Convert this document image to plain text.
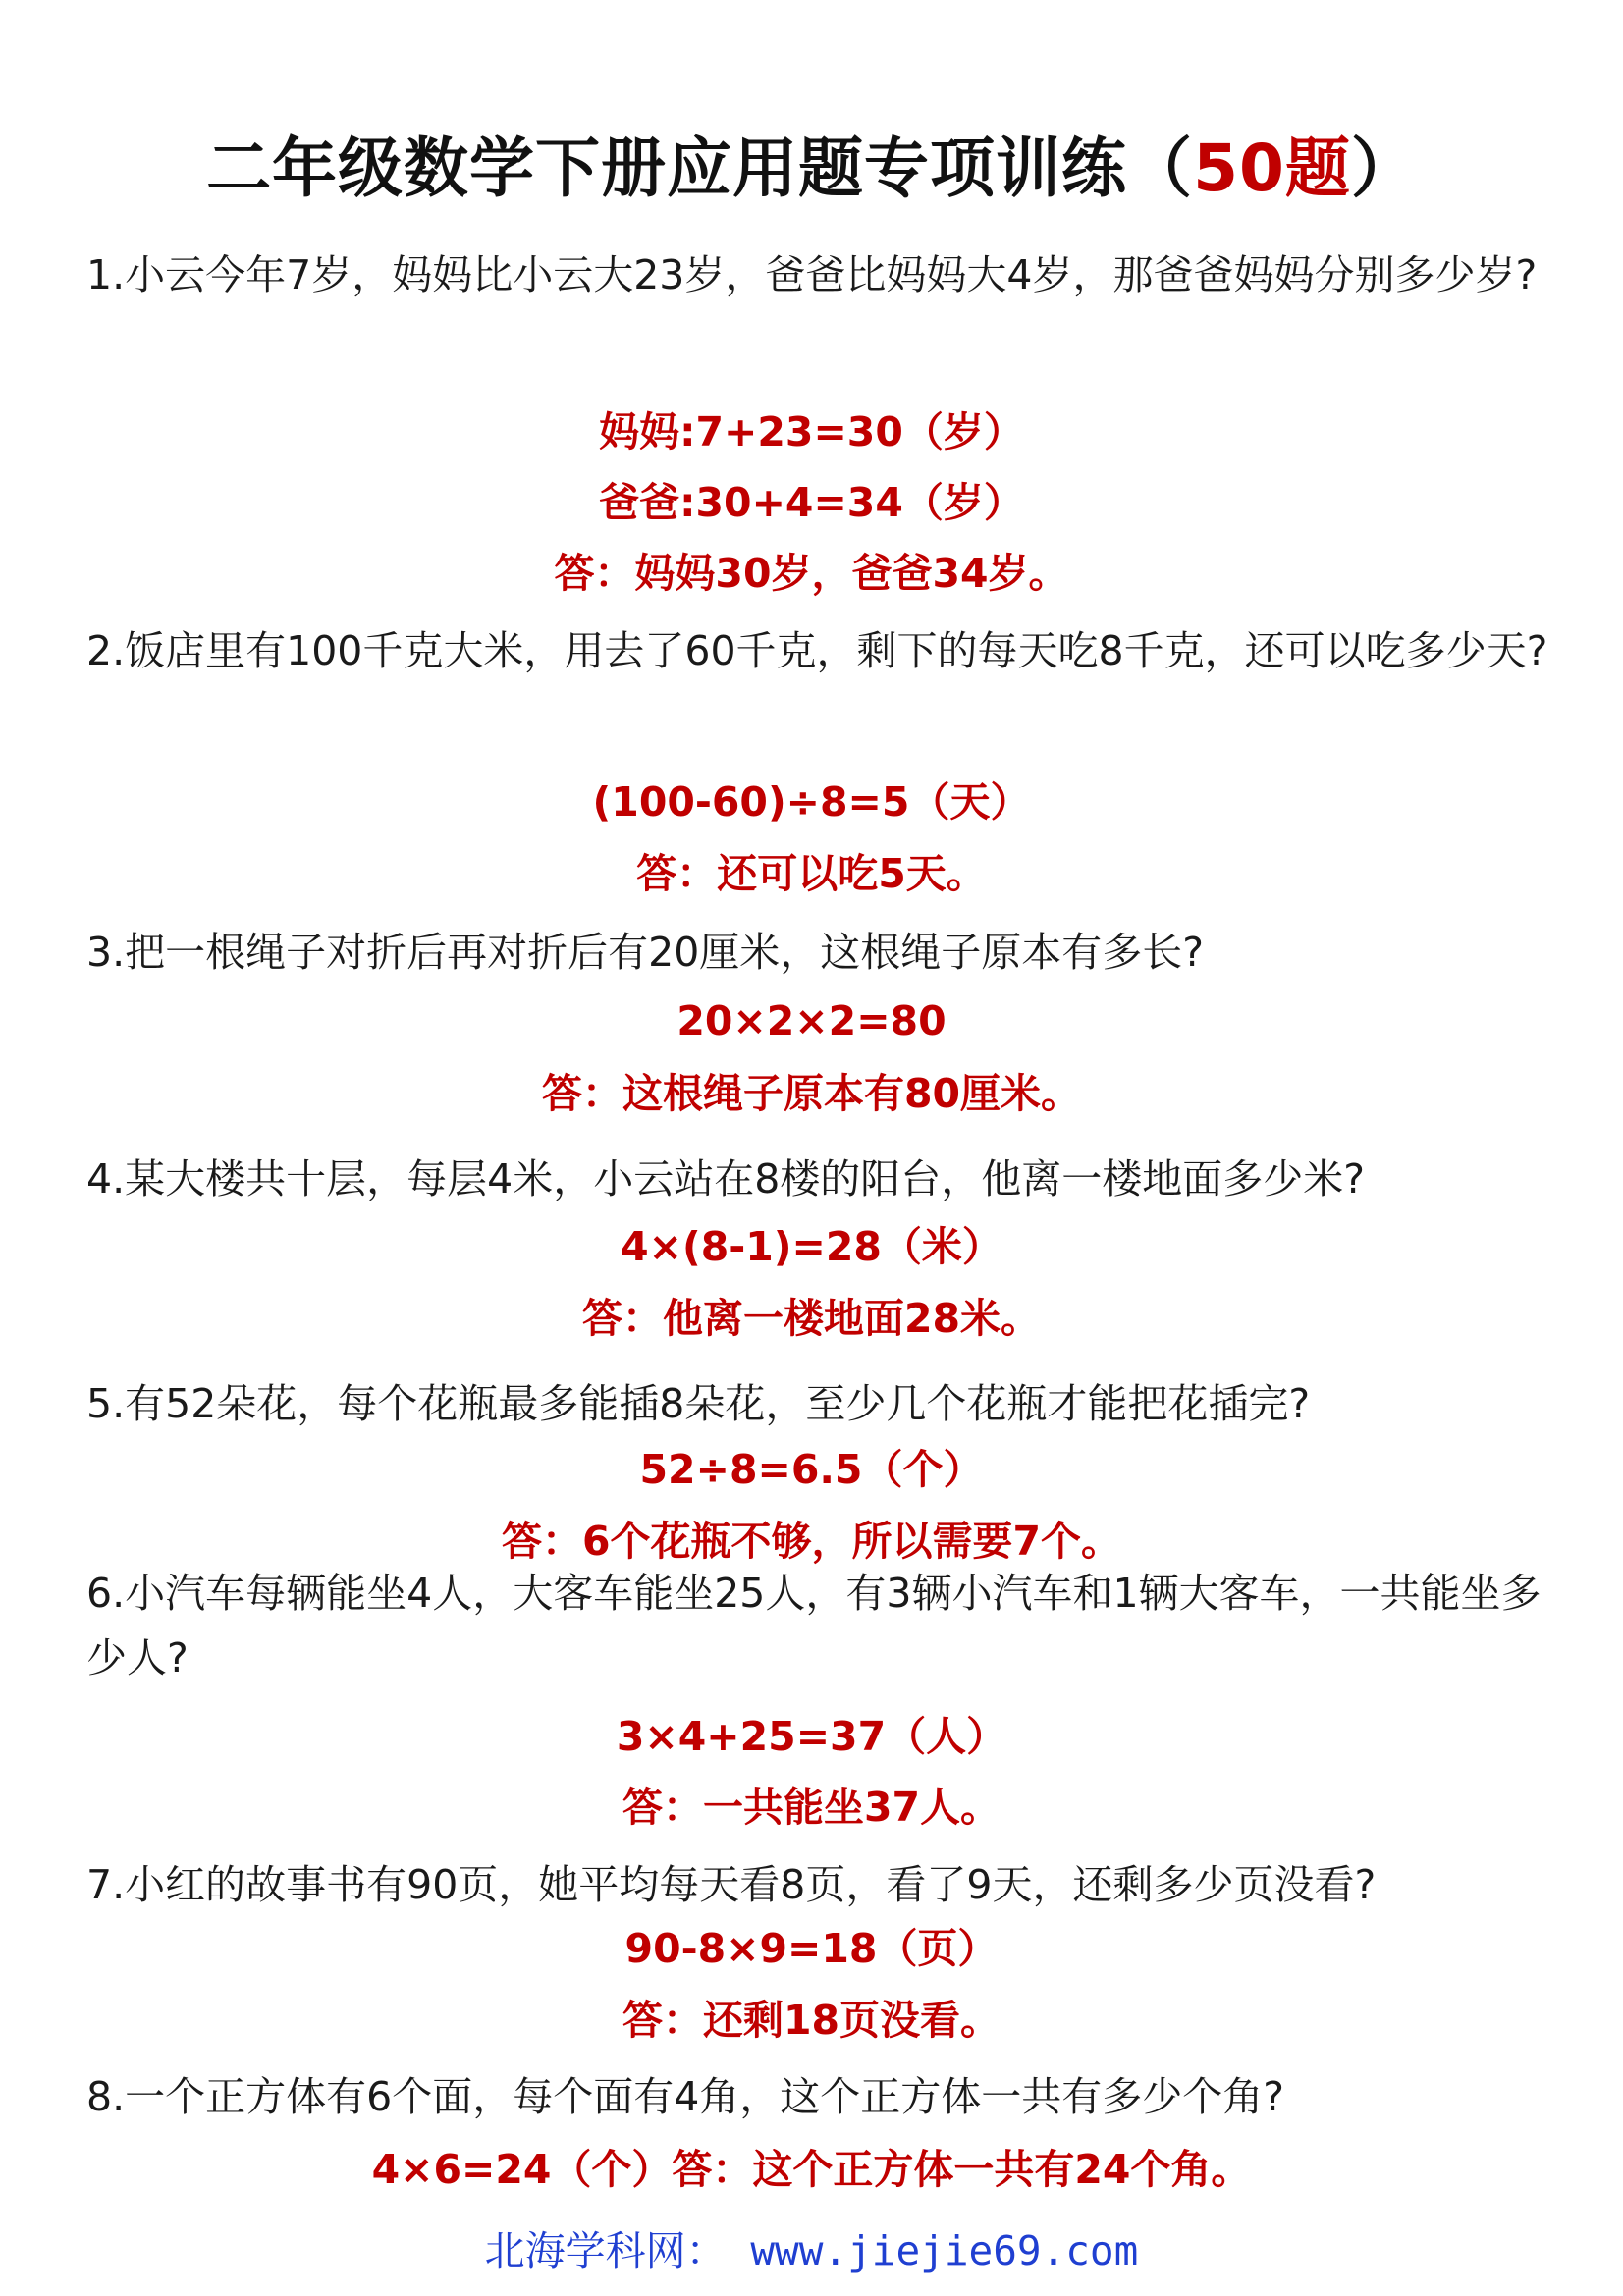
二年级数学下册应用题专项训练（50题）
1.小云今年7岁，妈妈比小云大23岁，爸爸比妈妈大4岁，那爸爸妈妈分别多少岁?
妈妈:7+23=30（岁）
爸爸:30+4=34（岁）
答：妈妈30岁，爸爸34岁。
2.饭店里有100千克大米，用去了60千克，剩下的每天吃8千克，还可以吃多少天?
(100-60)÷8=5（天）
答：还可以吃5天。
3.把一根绳子对折后再对折后有20厘米，这根绳子原本有多长?
20×2×2=80
答：这根绳子原本有80厘米。
4.某大楼共十层，每层4米，小云站在8楼的阳台，他离一楼地面多少米?
4×(8-1)=28（米）
答：他离一楼地面28米。
5.有52朵花，每个花瓶最多能插8朵花，至少几个花瓶才能把花插完?
52÷8=6.5（个）
答：6个花瓶不够，所以需要7个。
6.小汽车每辆能坐4人，大客车能坐25人，有3辆小汽车和1辆大客车，一共能坐多少人?
3×4+25=37（人）
答：一共能坐37人。
7.小红的故事书有90页，她平均每天看8页，看了9天，还剩多少页没看?
90-8×9=18（页）
答：还剩18页没看。
8.一个正方体有6个面，每个面有4角，这个正方体一共有多少个角?
4×6=24（个）答：这个正方体一共有24个角。
北海学科网： www.jiejie69.com
